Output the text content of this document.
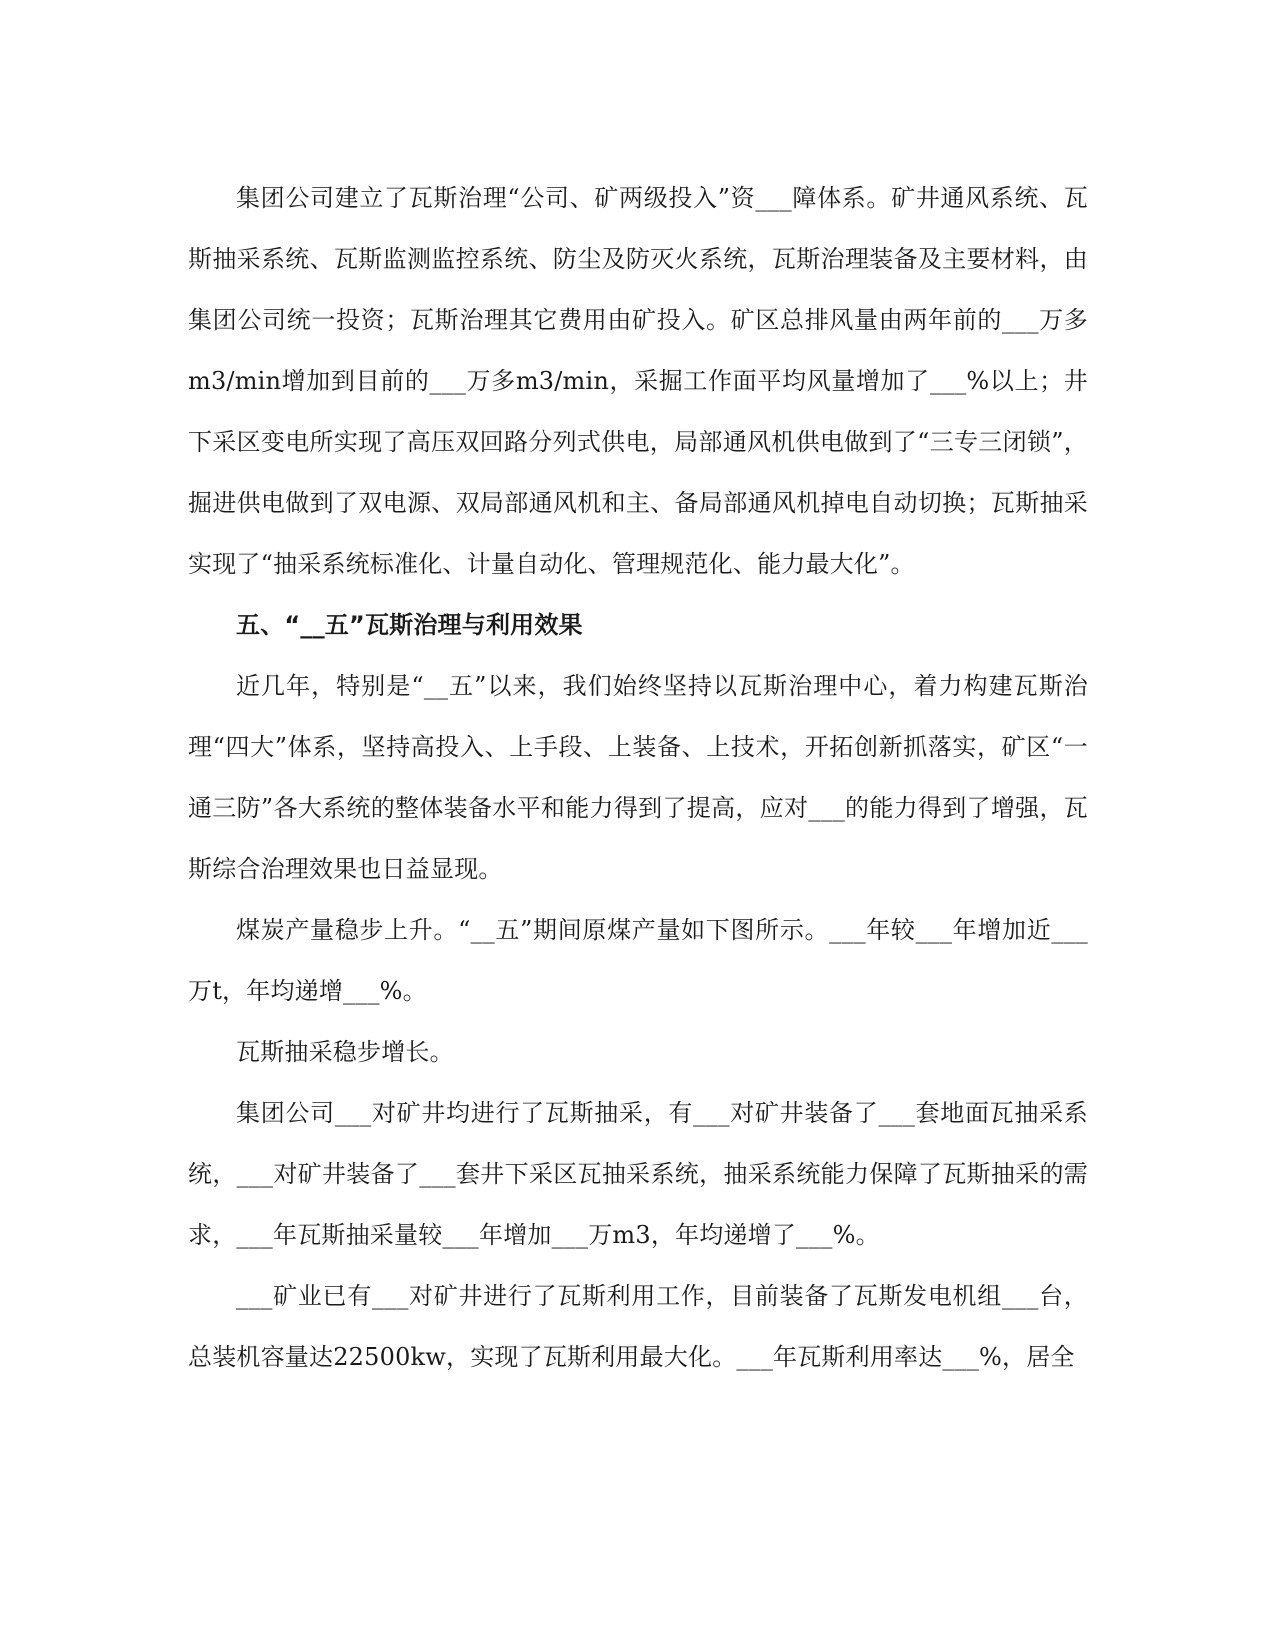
集团公司建立了瓦斯治理“公司、矿两级投入”资___障体系。矿井通风系统、瓦斯抽采系统、瓦斯监测监控系统、防尘及防灭火系统，瓦斯治理装备及主要材料，由集团公司统一投资；瓦斯治理其它费用由矿投入。矿区总排风量由两年前的___万多m3/min增加到目前的___万多m3/min，采掘工作面平均风量增加了___%以上；井下采区变电所实现了高压双回路分列式供电，局部通风机供电做到了“三专三闭锁”，掘进供电做到了双电源、双局部通风机和主、备局部通风机掉电自动切换；瓦斯抽采实现了“抽采系统标准化、计量自动化、管理规范化、能力最大化”。

五、“__五”瓦斯治理与利用效果

近几年，特别是“__五”以来，我们始终坚持以瓦斯治理中心，着力构建瓦斯治理“四大”体系，坚持高投入、上手段、上装备、上技术，开拓创新抓落实，矿区“一通三防”各大系统的整体装备水平和能力得到了提高，应对___的能力得到了增强，瓦斯综合治理效果也日益显现。

煤炭产量稳步上升。“__五”期间原煤产量如下图所示。___年较___年增加近___万t，年均递增___%。

瓦斯抽采稳步增长。

集团公司___对矿井均进行了瓦斯抽采，有___对矿井装备了___套地面瓦抽采系统，___对矿井装备了___套井下采区瓦抽采系统，抽采系统能力保障了瓦斯抽采的需求，___年瓦斯抽采量较___年增加___万m3，年均递增了___%。

___矿业已有___对矿井进行了瓦斯利用工作，目前装备了瓦斯发电机组___台，总装机容量达22500kw，实现了瓦斯利用最大化。___年瓦斯利用率达___%，居全
